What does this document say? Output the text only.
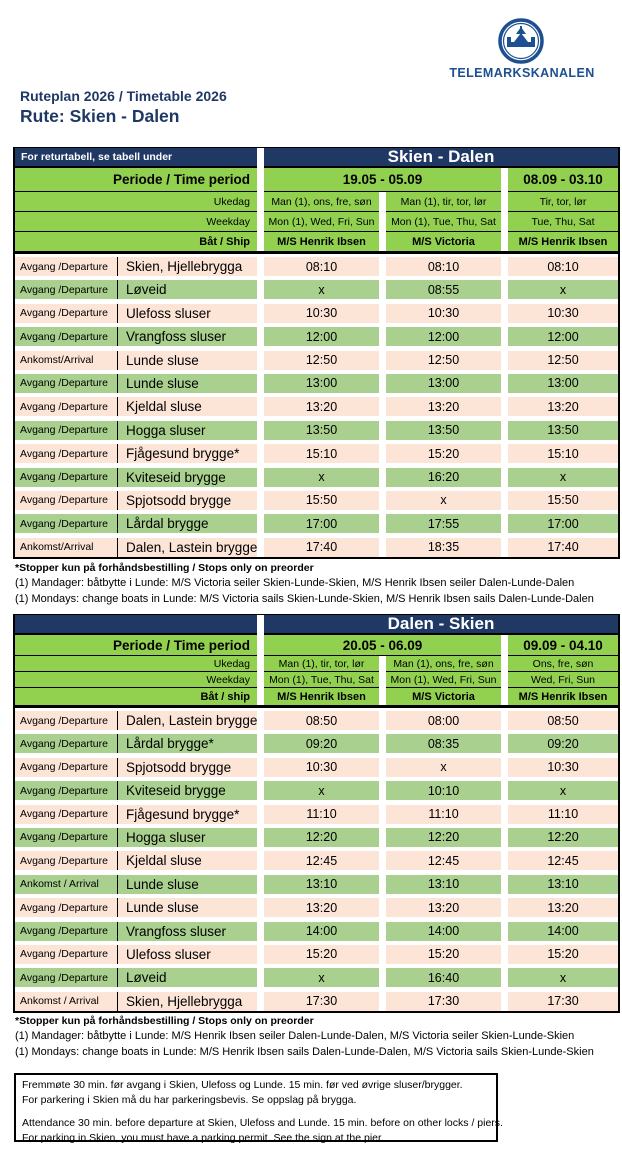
TELEMARKSKANALEN
Ruteplan 2026 / Timetable 2026
Rute: Skien - Dalen
For returtabell, se tabell under	Skien - Dalen
Periode / Time period	19.05 - 05.09	08.09 - 03.10
Ukedag	Man (1), ons, fre, søn	Man (1), tir, tor, lør	Tir, tor, lør
Weekday	Mon (1), Wed, Fri, Sun	Mon (1), Tue, Thu, Sat	Tue, Thu, Sat
Båt / Ship	M/S Henrik Ibsen	M/S Victoria	M/S Henrik Ibsen
Avgang /Departure	Skien, Hjellebrygga	08:10	08:10	08:10
Avgang /Departure	Løveid	x	08:55	x
Avgang /Departure	Ulefoss sluser	10:30	10:30	10:30
Avgang /Departure	Vrangfoss sluser	12:00	12:00	12:00
Ankomst/Arrival	Lunde sluse	12:50	12:50	12:50
Avgang /Departure	Lunde sluse	13:00	13:00	13:00
Avgang /Departure	Kjeldal sluse	13:20	13:20	13:20
Avgang /Departure	Hogga sluser	13:50	13:50	13:50
Avgang /Departure	Fjågesund brygge*	15:10	15:20	15:10
Avgang /Departure	Kviteseid brygge	x	16:20	x
Avgang /Departure	Spjotsodd brygge	15:50	x	15:50
Avgang /Departure	Lårdal brygge	17:00	17:55	17:00
Ankomst/Arrival	Dalen, Lastein brygge	17:40	18:35	17:40
*Stopper kun på forhåndsbestilling / Stops only on preorder
(1) Mandager: båtbytte i Lunde: M/S Victoria seiler Skien-Lunde-Skien, M/S Henrik Ibsen seiler Dalen-Lunde-Dalen
(1) Mondays: change boats in Lunde: M/S Victoria sails Skien-Lunde-Skien, M/S Henrik Ibsen sails Dalen-Lunde-Dalen
Dalen - Skien
Periode / Time period	20.05 - 06.09	09.09 - 04.10
Ukedag	Man (1), tir, tor, lør	Man (1), ons, fre, søn	Ons, fre, søn
Weekday	Mon (1), Tue, Thu, Sat	Mon (1), Wed, Fri, Sun	Wed, Fri, Sun
Båt / ship	M/S Henrik Ibsen	M/S Victoria	M/S Henrik Ibsen
Avgang /Departure	Dalen, Lastein brygge	08:50	08:00	08:50
Avgang /Departure	Lårdal brygge*	09:20	08:35	09:20
Avgang /Departure	Spjotsodd brygge	10:30	x	10:30
Avgang /Departure	Kviteseid brygge	x	10:10	x
Avgang /Departure	Fjågesund brygge*	11:10	11:10	11:10
Avgang /Departure	Hogga sluser	12:20	12:20	12:20
Avgang /Departure	Kjeldal sluse	12:45	12:45	12:45
Ankomst / Arrival	Lunde sluse	13:10	13:10	13:10
Avgang /Departure	Lunde sluse	13:20	13:20	13:20
Avgang /Departure	Vrangfoss sluser	14:00	14:00	14:00
Avgang /Departure	Ulefoss sluser	15:20	15:20	15:20
Avgang /Departure	Løveid	x	16:40	x
Ankomst / Arrival	Skien, Hjellebrygga	17:30	17:30	17:30
*Stopper kun på forhåndsbestilling / Stops only on preorder
(1) Mandager: båtbytte i Lunde: M/S Henrik Ibsen seiler Dalen-Lunde-Dalen, M/S Victoria seiler Skien-Lunde-Skien
(1) Mondays: change boats in Lunde: M/S Henrik Ibsen sails Dalen-Lunde-Dalen, M/S Victoria sails Skien-Lunde-Skien
Fremmøte 30 min. før avgang i Skien, Ulefoss og Lunde. 15 min. før ved øvrige sluser/brygger.
For parkering i Skien må du har parkeringsbevis. Se oppslag på brygga.
Attendance 30 min. before departure at Skien, Ulefoss and Lunde. 15 min. before on other locks / piers.
For parking in Skien, you must have a parking permit. See the sign at the pier.
